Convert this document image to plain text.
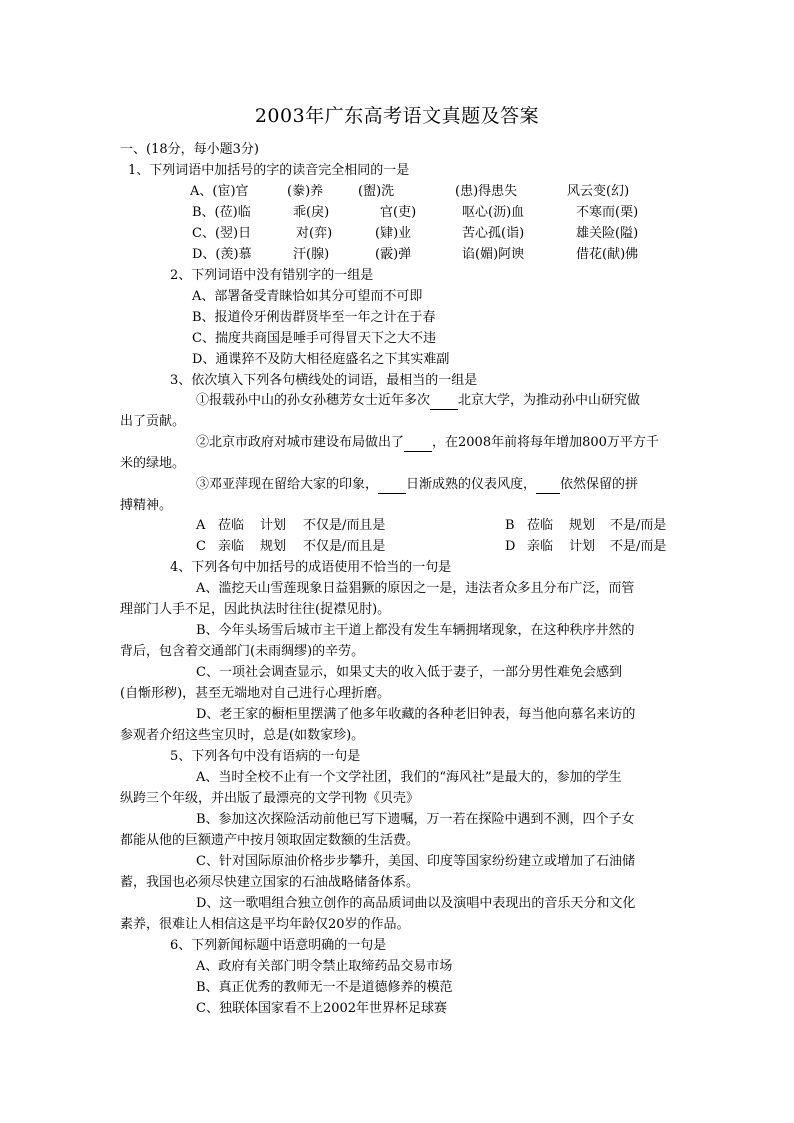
2003年广东高考语文真题及答案
一、(18分，每小题3分)
1、下列词语中加括号的字的读音完全相同的一是
A、(宦)官	(豢)养	(盥)洗	(患)得患失	风云变(幻)
B、(莅)临	乖(戾)	官(吏)	呕心(沥)血	不寒而(栗)
C、(翌)日	对(弈)	(肄)业	苦心孤(诣)	雄关险(隘)
D、(羡)慕	汗(腺)	(霰)弹	谄(媚)阿谀	借花(献)佛
2、下列词语中没有错别字的一组是
A、部署备受青睐恰如其分可望而不可即
B、报道伶牙俐齿群贤毕至一年之计在于春
C、揣度共商国是唾手可得冒天下之大不违
D、通谍猝不及防大相径庭盛名之下其实难副
3、依次填入下列各句横线处的词语，最相当的一组是
①报载孙中山的孙女孙穗芳女士近年多次 北京大学，为推动孙中山研究做
出了贡献。
②北京市政府对城市建设布局做出了 ，在2008年前将每年增加800万平方千
米的绿地。
③邓亚萍现在留给大家的印象， 日渐成熟的仪表风度， 依然保留的拼
搏精神。
A 莅临 计划 不仅是/而且是	B 莅临 规划 不是/而是
C 亲临 规划 不仅是/而且是	D 亲临 计划 不是/而是
4、下列各句中加括号的成语使用不恰当的一句是
A、滥挖天山雪莲现象日益猖獗的原因之一是，违法者众多且分布广泛，而管
理部门人手不足，因此执法时往往(捉襟见肘)。
B、今年头场雪后城市主干道上都没有发生车辆拥堵现象，在这种秩序井然的
背后，包含着交通部门(未雨绸缪)的辛劳。
C、一项社会调查显示，如果丈夫的收入低于妻子，一部分男性难免会感到
(自惭形秽)，甚至无端地对自己进行心理折磨。
D、老王家的橱柜里摆满了他多年收藏的各种老旧钟表，每当他向慕名来访的
参观者介绍这些宝贝时，总是(如数家珍)。
5、下列各句中没有语病的一句是
A、当时全校不止有一个文学社团，我们的“海风社”是最大的，参加的学生
纵跨三个年级，并出版了最漂亮的文学刊物《贝壳》
B、参加这次探险活动前他已写下遗嘱，万一若在探险中遇到不测，四个子女
都能从他的巨额遗产中按月领取固定数额的生活费。
C、针对国际原油价格步步攀升，美国、印度等国家纷纷建立或增加了石油储
蓄，我国也必须尽快建立国家的石油战略储备体系。
D、这一歌唱组合独立创作的高品质词曲以及演唱中表现出的音乐天分和文化
素养，很难让人相信这是平均年龄仅20岁的作品。
6、下列新闻标题中语意明确的一句是
A、政府有关部门明令禁止取缔药品交易市场
B、真正优秀的教师无一不是道德修养的模范
C、独联体国家看不上2002年世界杯足球赛
